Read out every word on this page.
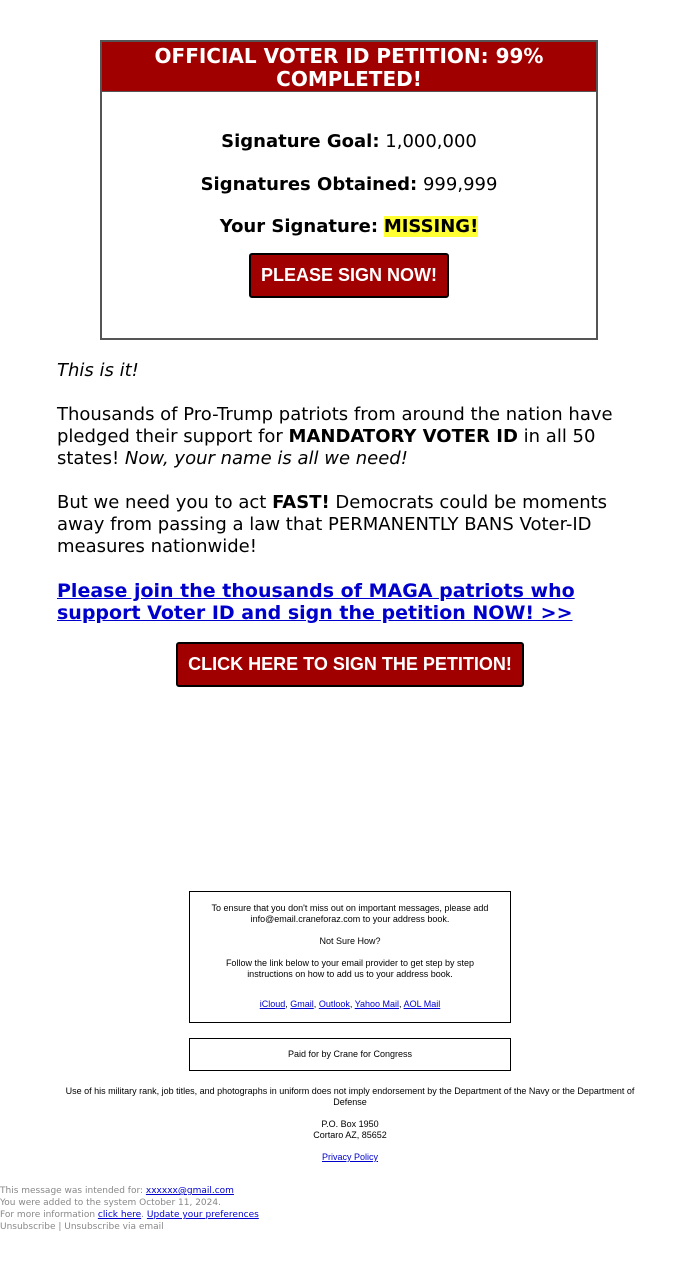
OFFICIAL VOTER ID PETITION: 99% COMPLETED!
Signature Goal: 1,000,000
Signatures Obtained: 999,999
Your Signature: MISSING!
PLEASE SIGN NOW!

This is it!

Thousands of Pro-Trump patriots from around the nation have pledged their support for MANDATORY VOTER ID in all 50 states! Now, your name is all we need!

But we need you to act FAST! Democrats could be moments away from passing a law that PERMANENTLY BANS Voter-ID measures nationwide!

Please join the thousands of MAGA patriots who support Voter ID and sign the petition NOW! >>
CLICK HERE TO SIGN THE PETITION!

To ensure that you don't miss out on important messages, please add info@email.craneforaz.com to your address book.

Not Sure How?

Follow the link below to your email provider to get step by step instructions on how to add us to your address book.

iCloud, Gmail, Outlook, Yahoo Mail, AOL Mail

Paid for by Crane for Congress

Use of his military rank, job titles, and photographs in uniform does not imply endorsement by the Department of the Navy or the Department of Defense

P.O. Box 1950
Cortaro AZ, 85652

Privacy Policy

This message was intended for: xxxxxx@gmail.com
You were added to the system October 11, 2024.
For more information click here. Update your preferences
Unsubscribe | Unsubscribe via email
